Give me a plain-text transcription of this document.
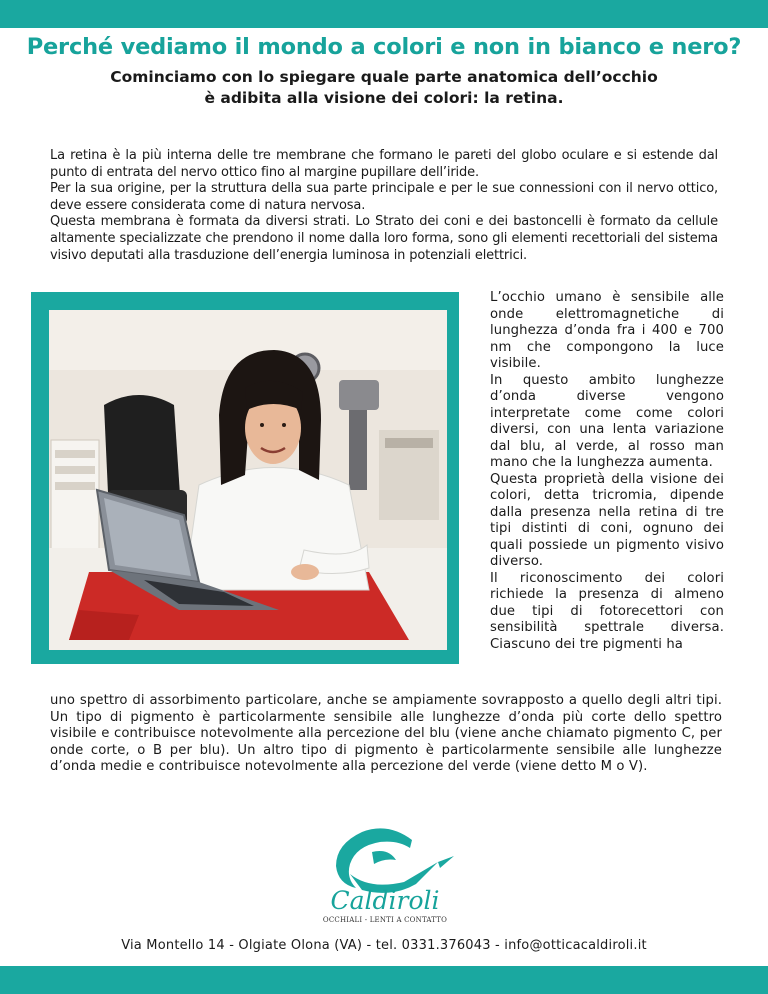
Perché vediamo il mondo a colori e non in bianco e nero?
Cominciamo con lo spiegare quale parte anatomica dell’occhio
è adibita alla visione dei colori: la retina.

La retina è la più interna delle tre membrane che formano le pareti del globo oculare e si estende dal punto di entrata del nervo ottico fino al margine pupillare dell’iride.

Per la sua origine, per la struttura della sua parte principale e per le sue connessioni con il nervo ottico, deve essere considerata come di natura nervosa.

Questa membrana è formata da diversi strati. Lo Strato dei coni e dei bastoncelli è formato da cellule altamente specializzate che prendono il nome dalla loro forma, sono gli elementi recettoriali del sistema visivo deputati alla trasduzione dell’energia luminosa in potenziali elettrici.

L’occhio umano è sensibile alle onde elettromagnetiche di lunghezza d’onda fra i 400 e 700 nm che compongono la luce visibile.

In questo ambito lunghezze d’onda diverse vengono interpretate come come colori diversi, con una lenta variazione dal blu, al verde, al rosso man mano che la lunghezza aumenta.

Questa proprietà della visione dei colori, detta tricromia, dipende dalla presenza nella retina di tre tipi distinti di coni, ognuno dei quali possiede un pigmento visivo diverso.

Il riconoscimento dei colori richiede la presenza di almeno due tipi di fotorecettori con sensibilità spettrale diversa. Ciascuno dei tre pigmenti ha

uno spettro di assorbimento particolare, anche se ampiamente sovrapposto a quello degli altri tipi. Un tipo di pigmento è particolarmente sensibile alle lunghezze d’onda più corte dello spettro visibile e contribuisce notevolmente alla percezione del blu (viene anche chiamato pigmento C, per onde corte, o B per blu). Un altro tipo di pigmento è particolarmente sensibile alle lunghezze d’onda medie e contribuisce notevolmente alla percezione del verde (viene detto M o V).

Caldiroli
OCCHIALI - LENTI A CONTATTO
Via Montello 14 - Olgiate Olona (VA) - tel. 0331.376043 - info@otticacaldiroli.it
